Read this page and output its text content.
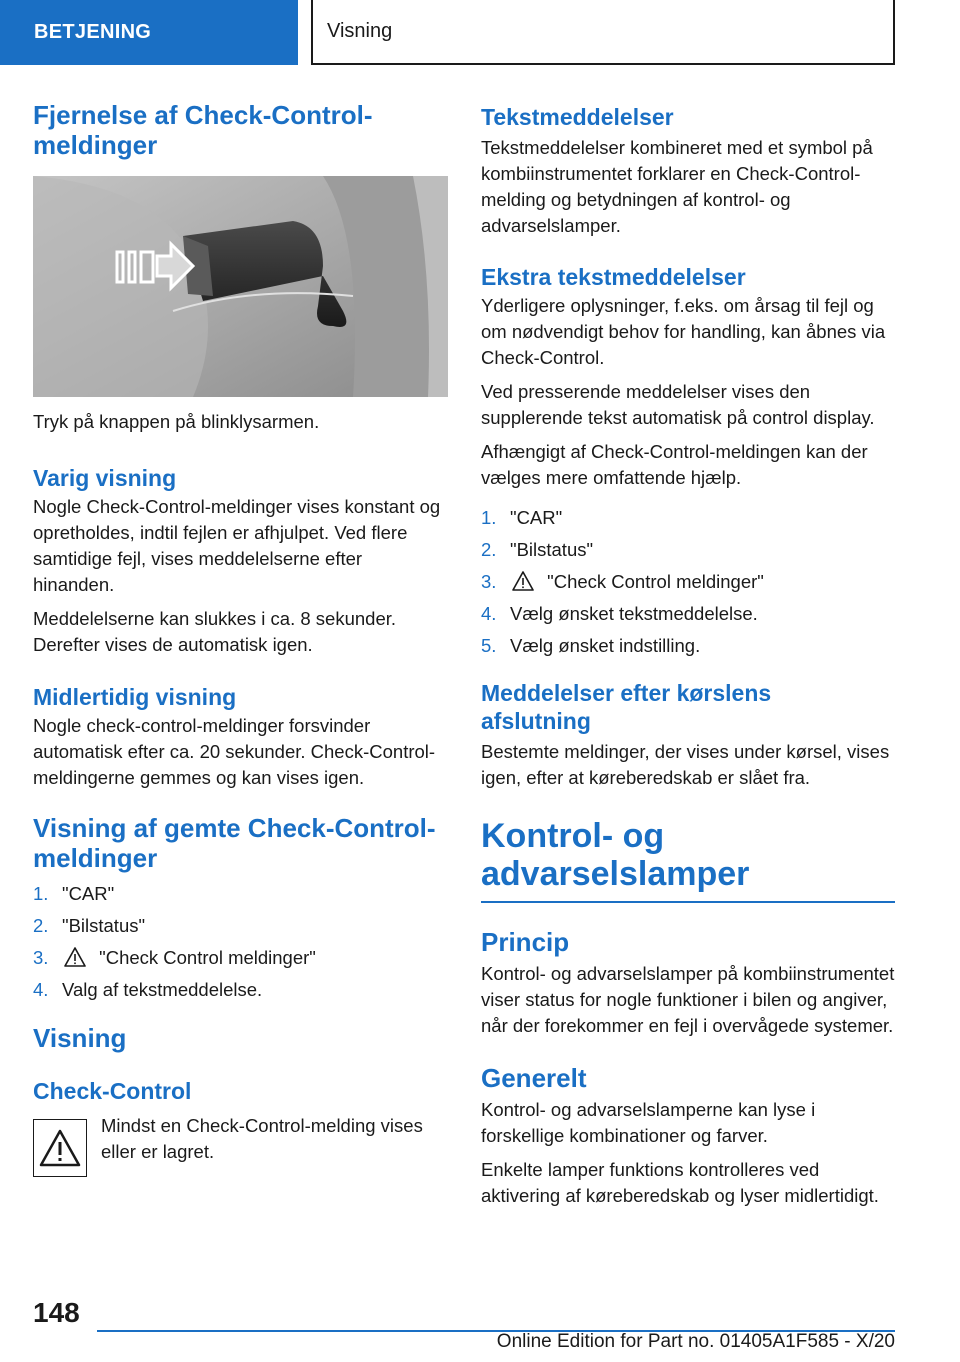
BETJENING	Visning
Fjernelse af Check-Control-meldinger

Tryk på knappen på blinklysarmen.

Varig visning

Nogle Check-Control-meldinger vises konstant og opretholdes, indtil fejlen er afhjulpet. Ved flere samtidige fejl, vises meddelelserne efter hinanden.

Meddelelserne kan slukkes i ca. 8 sekunder. Derefter vises de automatisk igen.

Midlertidig visning

Nogle check-control-meldinger forsvinder automatisk efter ca. 20 sekunder. Check-Control-meldingerne gemmes og kan vises igen.

Visning af gemte Check-Control-meldinger
1. "CAR"
2. "Bilstatus"
3.	"Check Control meldinger"
4. Valg af tekstmeddelelse.
Visning
Check-Control

Mindst en Check-Control-melding vises eller er lagret.

Tekstmeddelelser

Tekstmeddelelser kombineret med et symbol på kombiinstrumentet forklarer en Check-Control-melding og betydningen af kontrol- og advarselslamper.

Ekstra tekstmeddelelser

Yderligere oplysninger, f.eks. om årsag til fejl og om nødvendigt behov for handling, kan åbnes via Check-Control.

Ved presserende meddelelser vises den supplerende tekst automatisk på control display.

Afhængigt af Check-Control-meldingen kan der vælges mere omfattende hjælp.

1. "CAR"
2. "Bilstatus"
3.	"Check Control meldinger"
4. Vælg ønsket tekstmeddelelse.
5. Vælg ønsket indstilling.
Meddelelser efter kørslens afslutning

Bestemte meldinger, der vises under kørsel, vises igen, efter at køreberedskab er slået fra.

Kontrol- og advarselslamper
Princip

Kontrol- og advarselslamper på kombiinstrumentet viser status for nogle funktioner i bilen og angiver, når der forekommer en fejl i overvågede systemer.

Generelt

Kontrol- og advarselslamperne kan lyse i forskellige kombinationer og farver.

Enkelte lamper funktions kontrolleres ved aktivering af køreberedskab og lyser midlertidigt.

148
Online Edition for Part no. 01405A1F585 - X/20
